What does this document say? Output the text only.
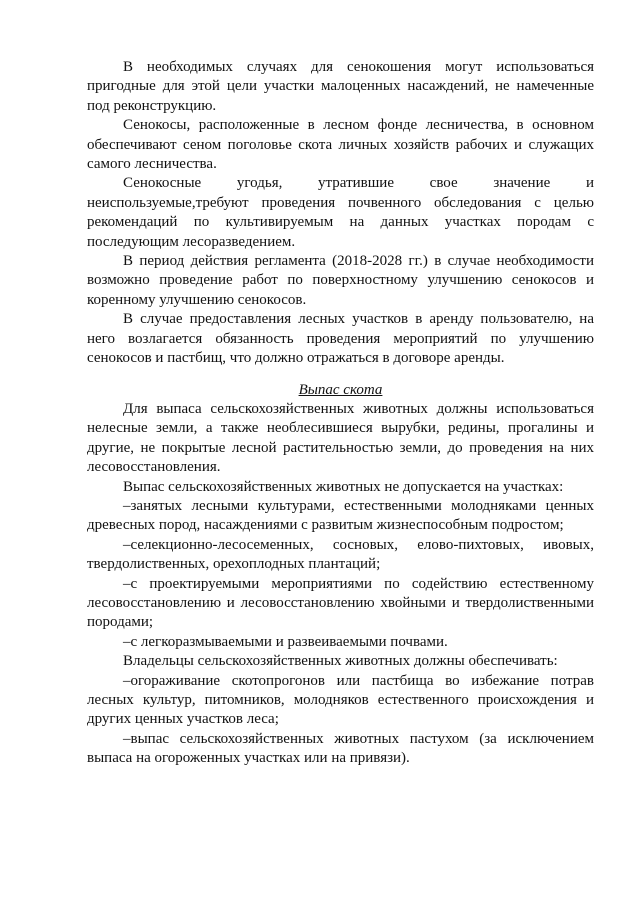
В необходимых случаях для сенокошения могут использоваться пригодные для этой цели участки малоценных насаждений, не намеченные под реконструкцию.

Сенокосы, расположенные в лесном фонде лесничества, в основном обеспечивают сеном поголовье скота личных хозяйств рабочих и служащих самого лесничества.

Сенокосные угодья, утратившие свое значение и неиспользуемые,требуют проведения почвенного обследования с целью рекомендаций по культивируемым на данных участках породам с последующим лесоразведением.

В период действия регламента (2018-2028 гг.) в случае необходимости возможно проведение работ по поверхностному улучшению сенокосов и коренному улучшению сенокосов.

В случае предоставления лесных участков в аренду пользователю, на него возлагается обязанность проведения мероприятий по улучшению сенокосов и пастбищ, что должно отражаться в договоре аренды.

Выпас скота

Для выпаса сельскохозяйственных животных должны использоваться нелесные земли, а также необлесившиеся вырубки, редины, прогалины и другие, не покрытые лесной растительностью земли, до проведения на них лесовосстановления.

Выпас сельскохозяйственных животных не допускается на участках:

–занятых лесными культурами, естественными молодняками ценных древесных пород, насаждениями с развитым жизнеспособным подростом;

–селекционно-лесосеменных, сосновых, елово-пихтовых, ивовых, твердолиственных, орехоплодных плантаций;

–с проектируемыми мероприятиями по содействию естественному лесовосстановлению и лесовосстановлению хвойными и твердолиственными породами;

–с легкоразмываемыми и развеиваемыми почвами.

Владельцы сельскохозяйственных животных должны обеспечивать:

–огораживание скотопрогонов или пастбища во избежание потрав лесных культур, питомников, молодняков естественного происхождения и других ценных участков леса;

–выпас сельскохозяйственных животных пастухом (за исключением выпаса на огороженных участках или на привязи).
